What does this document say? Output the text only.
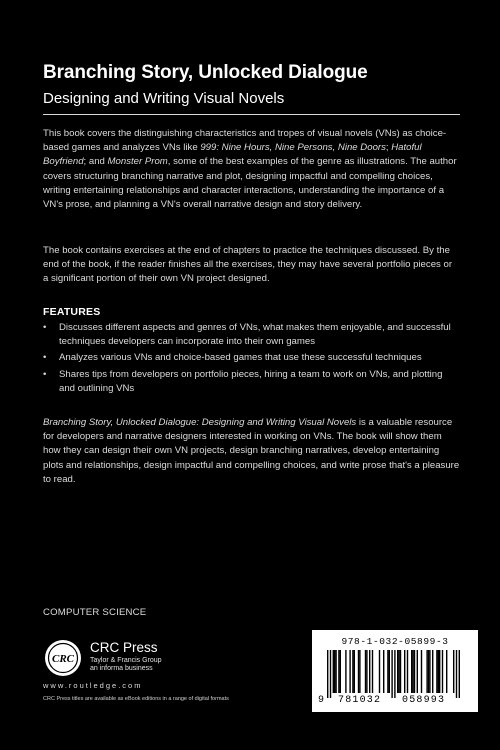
Branching Story, Unlocked Dialogue
Designing and Writing Visual Novels

This book covers the distinguishing characteristics and tropes of visual novels (VNs) as choice-based games and analyzes VNs like 999: Nine Hours, Nine Persons, Nine Doors; Hatoful Boyfriend; and Monster Prom, some of the best examples of the genre as illustrations. The author covers structuring branching narrative and plot, designing impactful and compelling choices, writing entertaining relationships and character interactions, understanding the importance of a VN's prose, and planning a VN's overall narrative design and story delivery.

The book contains exercises at the end of chapters to practice the techniques discussed. By the end of the book, if the reader finishes all the exercises, they may have several portfolio pieces or a significant portion of their own VN project designed.

FEATURES
• Discusses different aspects and genres of VNs, what makes them enjoyable, and successful techniques developers can incorporate into their own games
• Analyzes various VNs and choice-based games that use these successful techniques
• Shares tips from developers on portfolio pieces, hiring a team to work on VNs, and plotting and outlining VNs

Branching Story, Unlocked Dialogue: Designing and Writing Visual Novels is a valuable resource for developers and narrative designers interested in working on VNs. The book will show them how they can design their own VN projects, design branching narratives, develop entertaining plots and relationships, design impactful and compelling choices, and write prose that's a pleasure to read.

COMPUTER SCIENCE
CRC
CRC Press
Taylor & Francis Group
an informa business
www.routledge.com
CRC Press titles are available as eBook editions in a range of digital formats
978-1-032-05899-3
9 781032 058993
